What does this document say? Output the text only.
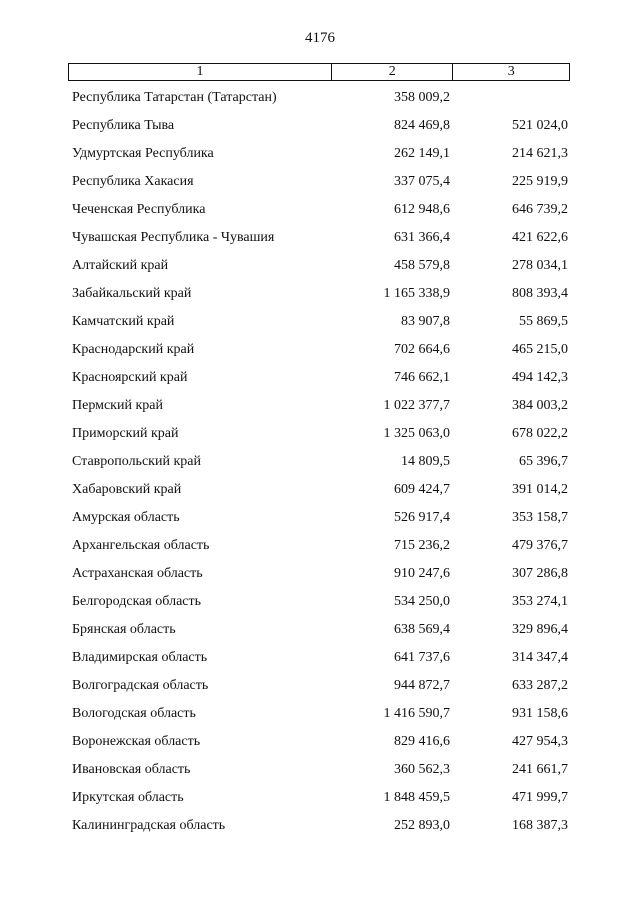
4176
1	2	3
Республика Татарстан (Татарстан)	358 009,2
Республика Тыва	824 469,8	521 024,0
Удмуртская Республика	262 149,1	214 621,3
Республика Хакасия	337 075,4	225 919,9
Чеченская Республика	612 948,6	646 739,2
Чувашская Республика - Чувашия	631 366,4	421 622,6
Алтайский край	458 579,8	278 034,1
Забайкальский край	1 165 338,9	808 393,4
Камчатский край	83 907,8	55 869,5
Краснодарский край	702 664,6	465 215,0
Красноярский край	746 662,1	494 142,3
Пермский край	1 022 377,7	384 003,2
Приморский край	1 325 063,0	678 022,2
Ставропольский край	14 809,5	65 396,7
Хабаровский край	609 424,7	391 014,2
Амурская область	526 917,4	353 158,7
Архангельская область	715 236,2	479 376,7
Астраханская область	910 247,6	307 286,8
Белгородская область	534 250,0	353 274,1
Брянская область	638 569,4	329 896,4
Владимирская область	641 737,6	314 347,4
Волгоградская область	944 872,7	633 287,2
Вологодская область	1 416 590,7	931 158,6
Воронежская область	829 416,6	427 954,3
Ивановская область	360 562,3	241 661,7
Иркутская область	1 848 459,5	471 999,7
Калининградская область	252 893,0	168 387,3
